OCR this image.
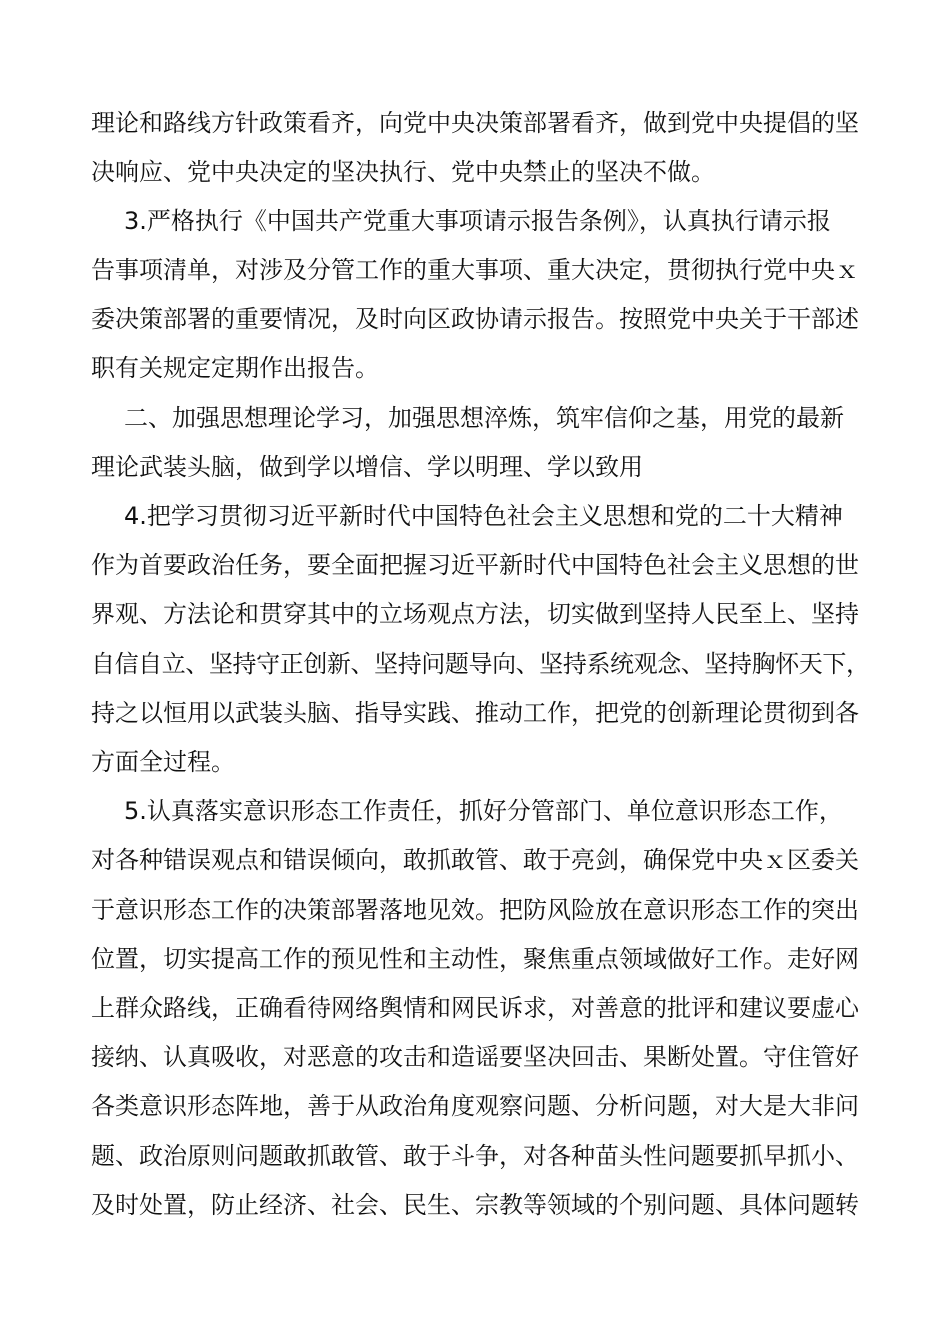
理论和路线方针政策看齐，向党中央决策部署看齐，做到党中央提倡的坚
决响应、党中央决定的坚决执行、党中央禁止的坚决不做。
3.严格执行《中国共产党重大事项请示报告条例》，认真执行请示报
告事项清单，对涉及分管工作的重大事项、重大决定，贯彻执行党中央ｘ
委决策部署的重要情况，及时向区政协请示报告。按照党中央关于干部述
职有关规定定期作出报告。
二、加强思想理论学习，加强思想淬炼，筑牢信仰之基，用党的最新
理论武装头脑，做到学以增信、学以明理、学以致用
4.把学习贯彻习近平新时代中国特色社会主义思想和党的二十大精神
作为首要政治任务，要全面把握习近平新时代中国特色社会主义思想的世
界观、方法论和贯穿其中的立场观点方法，切实做到坚持人民至上、坚持
自信自立、坚持守正创新、坚持问题导向、坚持系统观念、坚持胸怀天下，
持之以恒用以武装头脑、指导实践、推动工作，把党的创新理论贯彻到各
方面全过程。
5.认真落实意识形态工作责任，抓好分管部门、单位意识形态工作，
对各种错误观点和错误倾向，敢抓敢管、敢于亮剑，确保党中央ｘ区委关
于意识形态工作的决策部署落地见效。把防风险放在意识形态工作的突出
位置，切实提高工作的预见性和主动性，聚焦重点领域做好工作。走好网
上群众路线，正确看待网络舆情和网民诉求，对善意的批评和建议要虚心
接纳、认真吸收，对恶意的攻击和造谣要坚决回击、果断处置。守住管好
各类意识形态阵地，善于从政治角度观察问题、分析问题，对大是大非问
题、政治原则问题敢抓敢管、敢于斗争，对各种苗头性问题要抓早抓小、
及时处置，防止经济、社会、民生、宗教等领域的个别问题、具体问题转
